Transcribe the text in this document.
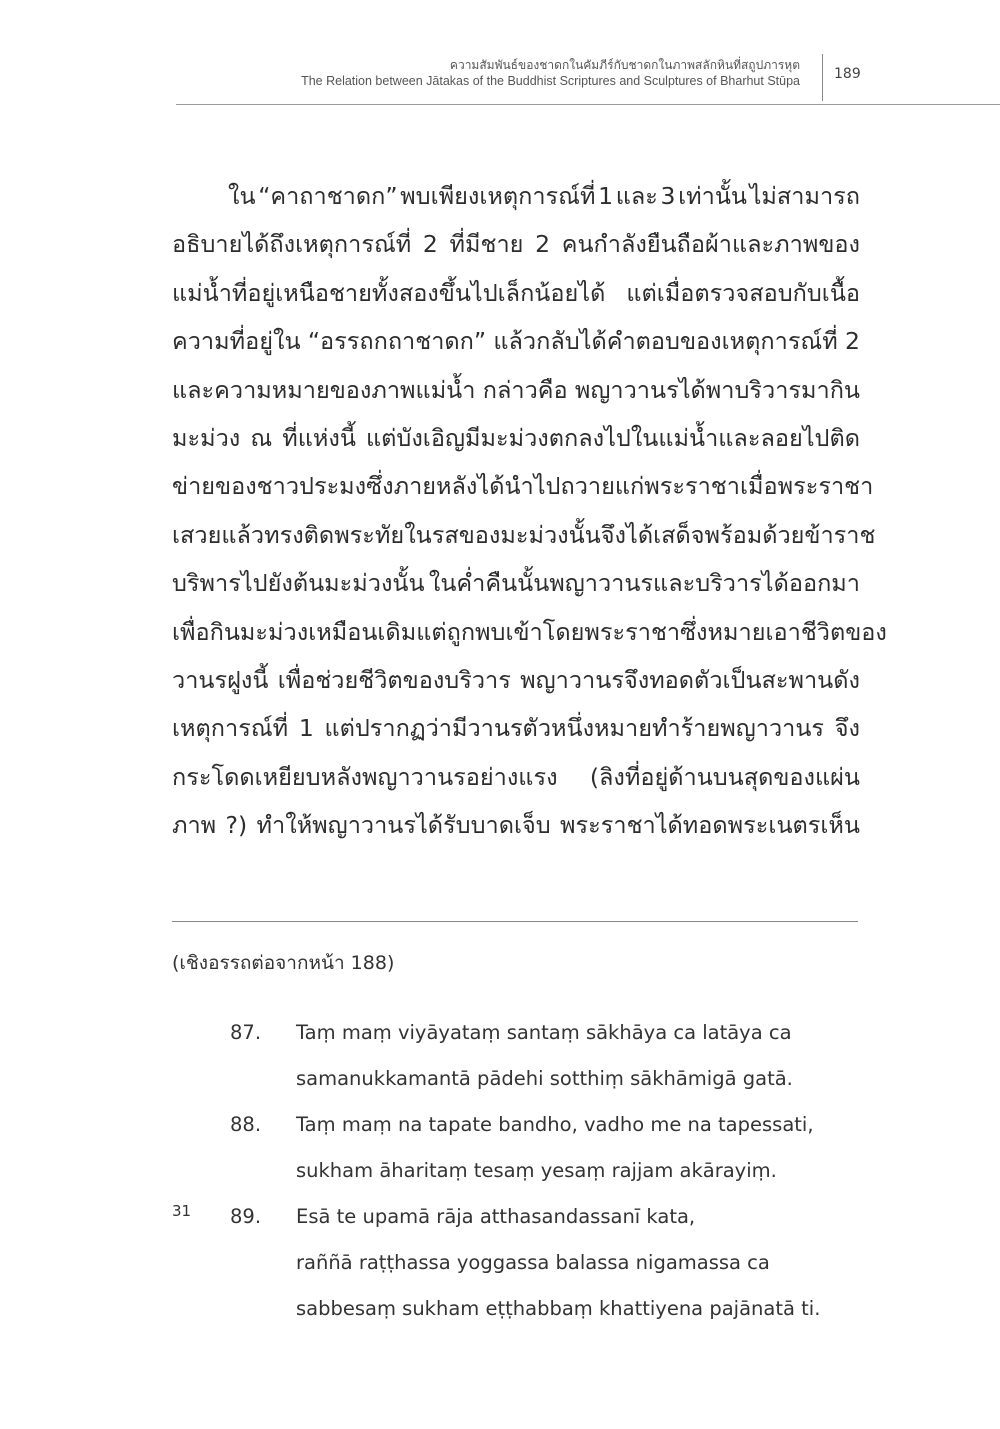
ความสัมพันธ์ของชาดกในคัมภีร์กับชาดกในภาพสลักหินที่สถูปภารหุต
The Relation between Jātakas of the Buddhist Scriptures and Sculptures of Bharhut Stūpa 189
ใน “คาถาชาดก” พบเพียงเหตุการณ์ที่ 1 และ 3 เท่านั้น ไม่สามารถ
อธิบายได้ถึงเหตุการณ์ที่ 2 ที่มีชาย 2 คนกำลังยืนถือผ้าและภาพของ
แม่น้ำที่อยู่เหนือชายทั้งสองขึ้นไปเล็กน้อยได้ แต่เมื่อตรวจสอบกับเนื้อ
ความที่อยู่ใน “อรรถกถาชาดก” แล้วกลับได้คำตอบของเหตุการณ์ที่ 2
และความหมายของภาพแม่น้ำ กล่าวคือ พญาวานรได้พาบริวารมากิน
มะม่วง ณ ที่แห่งนี้ แต่บังเอิญมีมะม่วงตกลงไปในแม่น้ำและลอยไปติด
ข่ายของชาวประมง ซึ่งภายหลังได้นำไปถวายแก่พระราชา เมื่อพระราชา
เสวยแล้วทรงติดพระทัยในรสของมะม่วงนั้น จึงได้เสด็จพร้อมด้วยข้าราช
บริพารไปยังต้นมะม่วงนั้น ในค่ำคืนนั้นพญาวานรและบริวารได้ออกมา
เพื่อกินมะม่วงเหมือนเดิม แต่ถูกพบเข้าโดยพระราชาซึ่งหมายเอาชีวิตของ
วานรฝูงนี้ เพื่อช่วยชีวิตของบริวาร พญาวานรจึงทอดตัวเป็นสะพานดัง
เหตุการณ์ที่ 1 แต่ปรากฏว่ามีวานรตัวหนึ่งหมายทำร้ายพญาวานร จึง
กระโดดเหยียบหลังพญาวานรอย่างแรง (ลิงที่อยู่ด้านบนสุดของแผ่น
ภาพ ?) ทำให้พญาวานรได้รับบาดเจ็บ พระราชาได้ทอดพระเนตรเห็น
(เชิงอรรถต่อจากหน้า 188)
87. Taṃ maṃ viyāyataṃ santaṃ sākhāya ca latāya ca
samanukkamantā pādehi sotthiṃ sākhāmigā gatā.
88. Taṃ maṃ na tapate bandho, vadho me na tapessati,
sukham āharitaṃ tesaṃ yesaṃ rajjam akārayiṃ.
31 89. Esā te upamā rāja atthasandassanī kata,
raññā raṭṭhassa yoggassa balassa nigamassa ca
sabbesaṃ sukham eṭṭhabbaṃ khattiyena pajānatā ti.
